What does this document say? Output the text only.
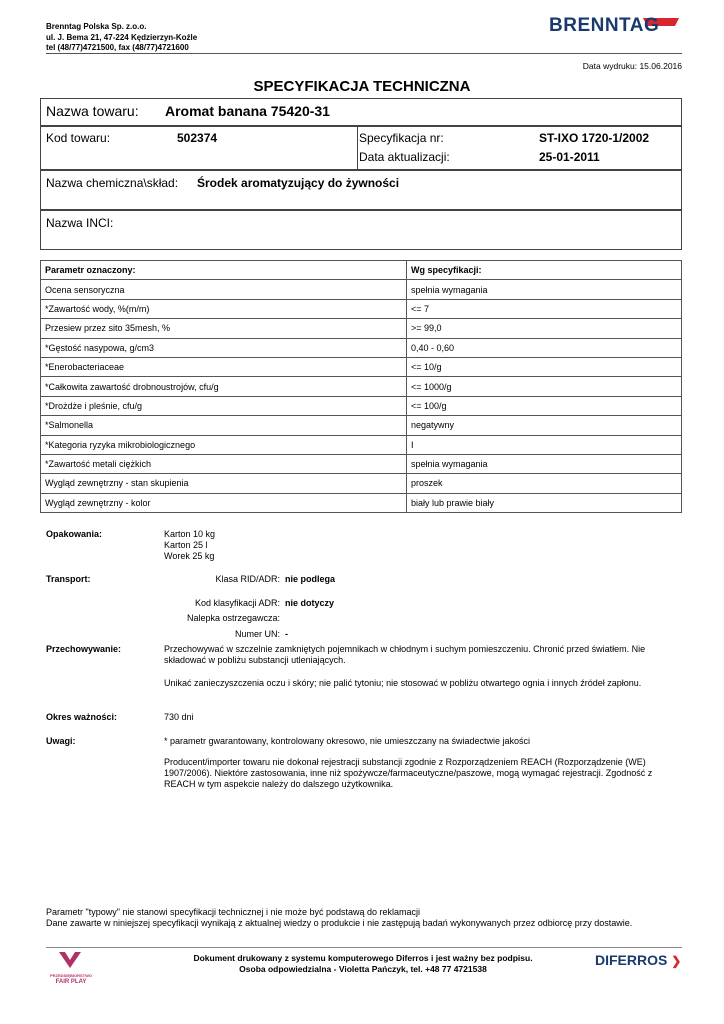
Brenntag Polska Sp. z.o.o.
ul. J. Bema 21, 47-224 Kędzierzyn-Koźle
tel (48/77)4721500, fax (48/77)4721600
BRENNTAG
Data wydruku: 15.06.2016
SPECYFIKACJA TECHNICZNA
Nazwa towaru: Aromat banana 75420-31
Kod towaru:	502374	Specyfikacja nr:	ST-IXO 1720-1/2002
Data aktualizacji:	25-01-2011
Nazwa chemiczna\skład: Środek aromatyzujący do żywności
Nazwa INCI:
Parametr oznaczony:	Wg specyfikacji:
Ocena sensoryczna	spełnia wymagania
*Zawartość wody, %(m/m)	<= 7
Przesiew przez sito 35mesh, %	>= 99,0
*Gęstość nasypowa, g/cm3	0,40 - 0,60
*Enerobacteriaceae	<= 10/g
*Całkowita zawartość drobnoustrojów, cfu/g	<= 1000/g
*Drożdże i pleśnie, cfu/g	<= 100/g
*Salmonella	negatywny
*Kategoria ryzyka mikrobiologicznego	I
*Zawartość metali ciężkich	spełnia wymagania
Wygląd zewnętrzny - stan skupienia	proszek
Wygląd zewnętrzny - kolor	biały lub prawie biały
Opakowania:	Karton 10 kg
Karton 25 l
Worek 25 kg
Transport:	Klasa RID/ADR: nie podlega
Kod klasyfikacji ADR: nie dotyczy
Nalepka ostrzegawcza:
Numer UN: -
Przechowywanie:	Przechowywać w szczelnie zamkniętych pojemnikach w chłodnym i suchym pomieszczeniu. Chronić przed światłem. Nie składować w pobliżu substancji utleniających.
Unikać zanieczyszczenia oczu i skóry; nie palić tytoniu; nie stosować w pobliżu otwartego ognia i innych źródeł zapłonu.
Okres ważności:	730 dni
Uwagi:	* parametr gwarantowany, kontrolowany okresowo, nie umieszczany na świadectwie jakości
Producent/importer towaru nie dokonał rejestracji substancji zgodnie z Rozporządzeniem REACH (Rozporządzenie (WE) 1907/2006). Niektóre zastosowania, inne niż spożywcze/farmaceutyczne/paszowe, mogą wymagać rejestracji. Zgodność z REACH w tym aspekcie należy do dalszego użytkownika.
Parametr "typowy" nie stanowi specyfikacji technicznej i nie może być podstawą do reklamacji
Dane zawarte w niniejszej specyfikacji wynikają z aktualnej wiedzy o produkcie i nie zastępują badań wykonywanych przez odbiorcę przy dostawie.
PRZEDSIĘBIORSTWO
FAIR PLAY
Dokument drukowany z systemu komputerowego Diferros i jest ważny bez podpisu.
Osoba odpowiedzialna - Violetta Pańczyk, tel. +48 77 4721538
DIFERROS ❯
